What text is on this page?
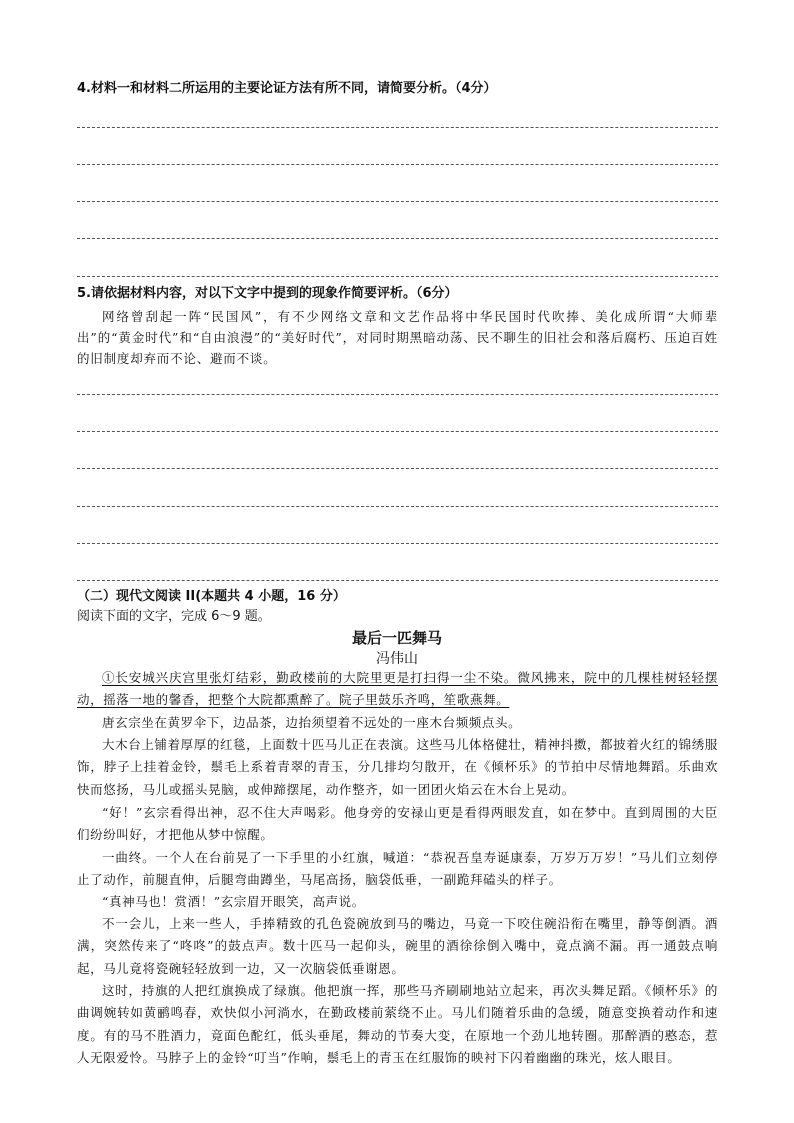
4.材料一和材料二所运用的主要论证方法有所不同，请简要分析。（4分）
5.请依据材料内容，对以下文字中提到的现象作简要评析。（6分）
网络曾刮起一阵“民国风”，有不少网络文章和文艺作品将中华民国时代吹捧、美化成所谓“大师辈出”的“黄金时代”和“自由浪漫”的“美好时代”，对同时期黑暗动荡、民不聊生的旧社会和落后腐朽、压迫百姓的旧制度却弃而不论、避而不谈。
（二）现代文阅读 II(本题共 4 小题，16 分）
阅读下面的文字，完成 6～9 题。
最后一匹舞马
冯伟山
①长安城兴庆宫里张灯结彩，勤政楼前的大院里更是打扫得一尘不染。微风拂来，院中的几棵桂树轻轻摆动，摇落一地的馨香，把整个大院都熏醉了。院子里鼓乐齐鸣，笙歌燕舞。
唐玄宗坐在黄罗伞下，边品茶，边抬须望着不远处的一座木台频频点头。
大木台上铺着厚厚的红毯，上面数十匹马儿正在表演。这些马儿体格健壮，精神抖擞，都披着火红的锦绣服饰，脖子上挂着金铃，鬃毛上系着青翠的青玉，分几排均匀散开，在《倾杯乐》的节拍中尽情地舞蹈。乐曲欢快而悠扬，马儿或摇头晃脑，或伸蹄摆尾，动作整齐，如一团团火焰云在木台上晃动。
“好！”玄宗看得出神，忍不住大声喝彩。他身旁的安禄山更是看得两眼发直，如在梦中。直到周围的大臣们纷纷叫好，才把他从梦中惊醒。
一曲终。一个人在台前晃了一下手里的小红旗，喊道：“恭祝吾皇寿诞康泰，万岁万万岁！”马儿们立刻停止了动作，前腿直伸，后腿弯曲蹲坐，马尾高扬，脑袋低垂，一副跪拜磕头的样子。
“真神马也！赏酒！”玄宗眉开眼笑，高声说。
不一会儿，上来一些人，手捧精致的孔色瓷碗放到马的嘴边，马竟一下咬住碗沿衔在嘴里，静等倒酒。酒满，突然传来了“咚咚”的鼓点声。数十匹马一起仰头，碗里的酒徐徐倒入嘴中，竟点滴不漏。再一通鼓点响起，马儿竟将瓷碗轻轻放到一边，又一次脑袋低垂谢恩。
这时，持旗的人把红旗换成了绿旗。他把旗一挥，那些马齐刷刷地站立起来，再次头舞足蹈。《倾杯乐》的曲调婉转如黄鹂鸣春，欢快似小河淌水，在勤政楼前萦绕不止。马儿们随着乐曲的急缓，随意变换着动作和速度。有的马不胜酒力，竟面色酡红，低头垂尾，舞动的节奏大变，在原地一个劲儿地转圈。那醉酒的憨态，惹人无限爱怜。马脖子上的金铃“叮当”作响，鬃毛上的青玉在红服饰的映衬下闪着幽幽的珠光，炫人眼目。
